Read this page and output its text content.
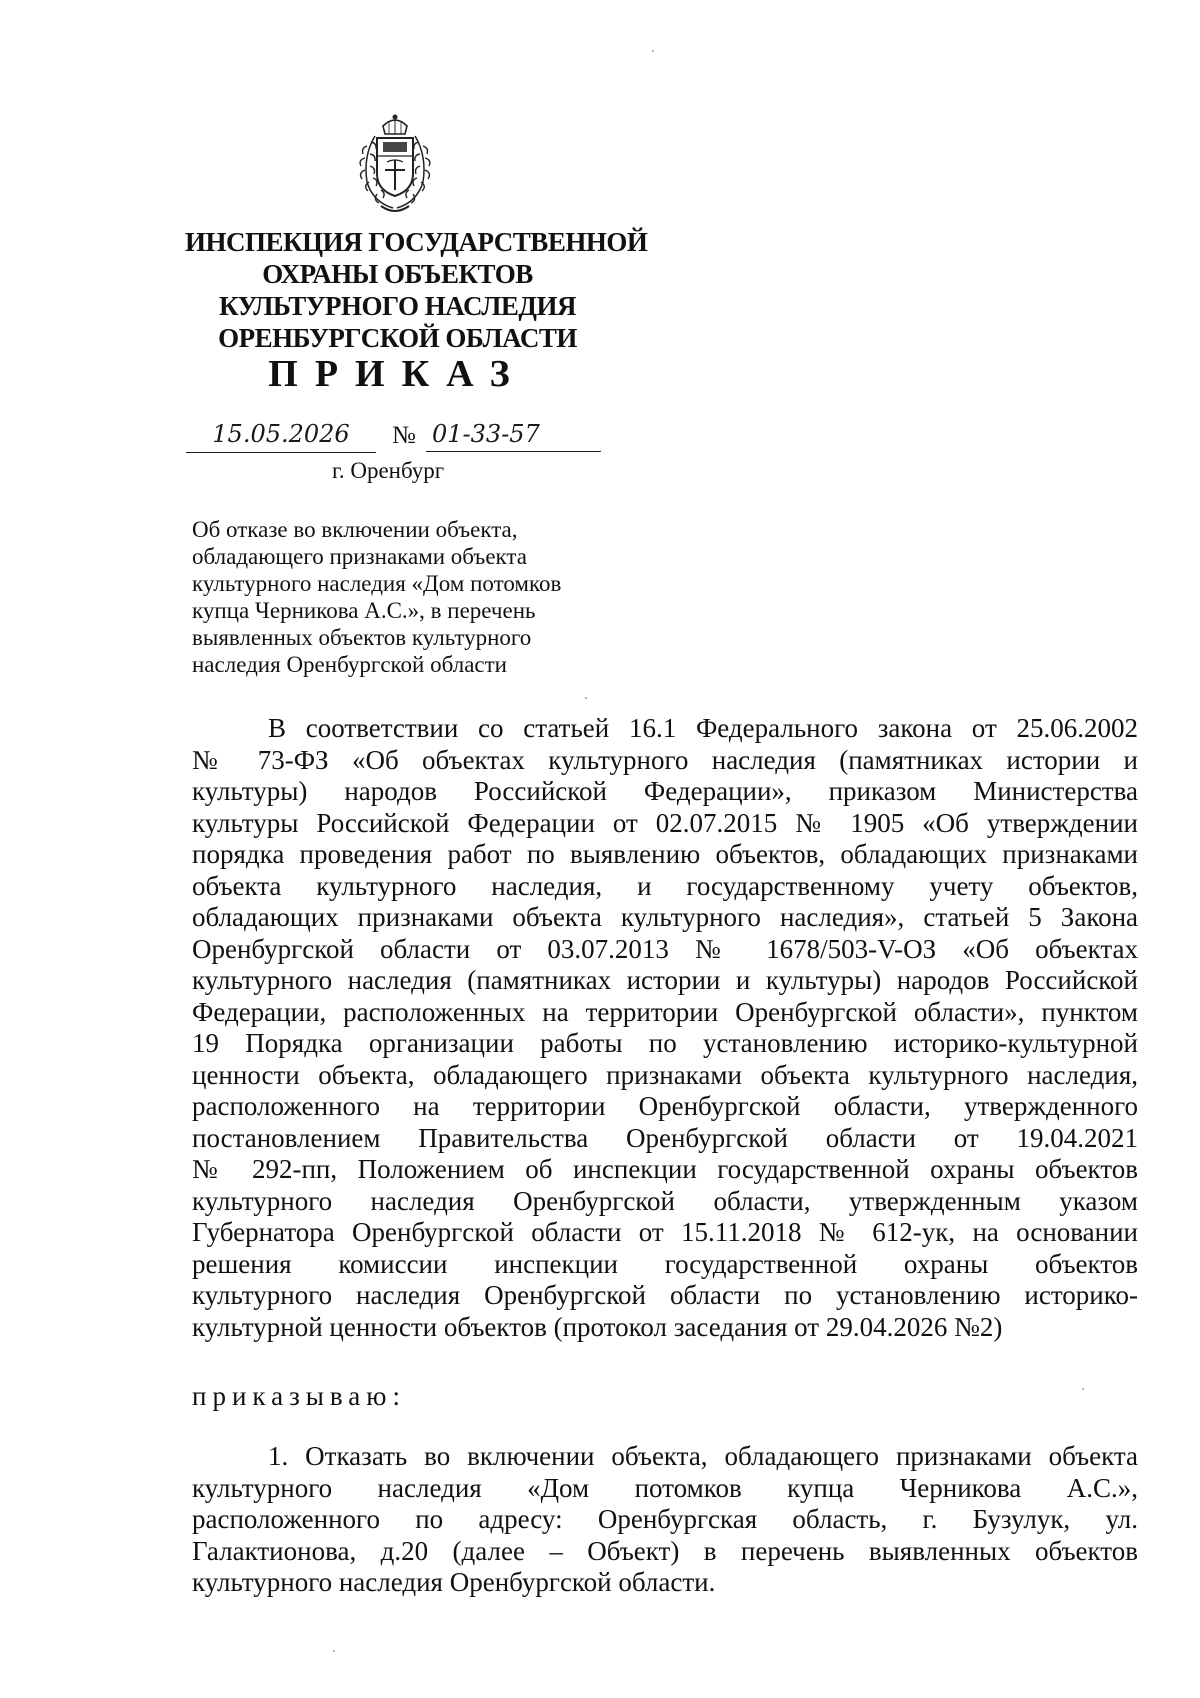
ИНСПЕКЦИЯ ГОСУДАРСТВЕННОЙ
ОХРАНЫ ОБЪЕКТОВ
КУЛЬТУРНОГО НАСЛЕДИЯ
ОРЕНБУРГСКОЙ ОБЛАСТИ
ПРИКАЗ
15.05.2026	№ 01-33-57
г. Оренбург
Об отказе во включении объекта,
обладающего признаками объекта
культурного наследия «Дом потомков
купца Черникова А.С.», в перечень
выявленных объектов культурного
наследия Оренбургской области
В соответствии со статьей 16.1 Федерального закона от 25.06.2002
№ 73-ФЗ «Об объектах культурного наследия (памятниках истории и
культуры) народов Российской Федерации», приказом Министерства
культуры Российской Федерации от 02.07.2015 № 1905 «Об утверждении
порядка проведения работ по выявлению объектов, обладающих признаками
объекта культурного наследия, и государственному учету объектов,
обладающих признаками объекта культурного наследия», статьей 5 Закона
Оренбургской области от 03.07.2013 № 1678/503-V-ОЗ «Об объектах
культурного наследия (памятниках истории и культуры) народов Российской
Федерации, расположенных на территории Оренбургской области», пунктом
19 Порядка организации работы по установлению историко-культурной
ценности объекта, обладающего признаками объекта культурного наследия,
расположенного на территории Оренбургской области, утвержденного
постановлением Правительства Оренбургской области от 19.04.2021
№ 292-пп, Положением об инспекции государственной охраны объектов
культурного наследия Оренбургской области, утвержденным указом
Губернатора Оренбургской области от 15.11.2018 № 612-ук, на основании
решения комиссии инспекции государственной охраны объектов
культурного наследия Оренбургской области по установлению историко-
культурной ценности объектов (протокол заседания от 29.04.2026 №2)
приказываю:
1. Отказать во включении объекта, обладающего признаками объекта
культурного наследия «Дом потомков купца Черникова А.С.»,
расположенного по адресу: Оренбургская область, г. Бузулук, ул.
Галактионова, д.20 (далее – Объект) в перечень выявленных объектов
культурного наследия Оренбургской области.
